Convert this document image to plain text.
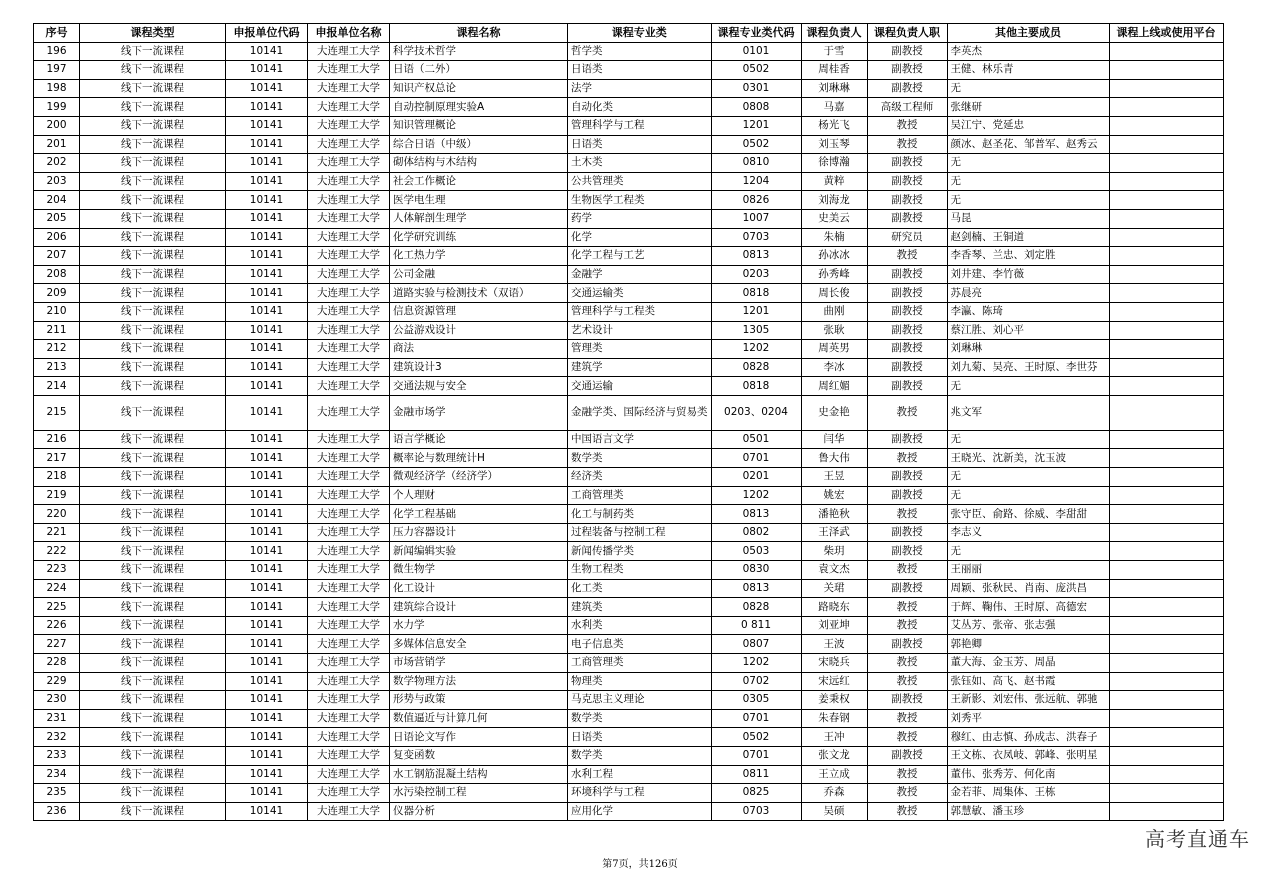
序号	课程类型	申报单位代码	申报单位名称	课程名称	课程专业类	课程专业类代码	课程负责人	课程负责人职	其他主要成员	课程上线或使用平台
196	线下一流课程	10141	大连理工大学	科学技术哲学	哲学类	0101	于雪	副教授	李英杰	
197	线下一流课程	10141	大连理工大学	日语（二外）	日语类	0502	周桂香	副教授	王健、林乐青	
198	线下一流课程	10141	大连理工大学	知识产权总论	法学	0301	刘琳琳	副教授	无	
199	线下一流课程	10141	大连理工大学	自动控制原理实验A	自动化类	0808	马嘉	高级工程师	张继研	
200	线下一流课程	10141	大连理工大学	知识管理概论	管理科学与工程	1201	杨光飞	教授	吴江宁、党延忠	
201	线下一流课程	10141	大连理工大学	综合日语（中级）	日语类	0502	刘玉琴	教授	颜冰、赵圣花、邹普军、赵秀云	
202	线下一流课程	10141	大连理工大学	砌体结构与木结构	土木类	0810	徐博瀚	副教授	无	
203	线下一流课程	10141	大连理工大学	社会工作概论	公共管理类	1204	黄粹	副教授	无	
204	线下一流课程	10141	大连理工大学	医学电生理	生物医学工程类	0826	刘海龙	副教授	无	
205	线下一流课程	10141	大连理工大学	人体解剖生理学	药学	1007	史美云	副教授	马昆	
206	线下一流课程	10141	大连理工大学	化学研究训练	化学	0703	朱楠	研究员	赵剑楠、王铜道	
207	线下一流课程	10141	大连理工大学	化工热力学	化学工程与工艺	0813	孙冰冰	教授	李香琴、兰忠、刘定胜	
208	线下一流课程	10141	大连理工大学	公司金融	金融学	0203	孙秀峰	副教授	刘井建、李竹薇	
209	线下一流课程	10141	大连理工大学	道路实验与检测技术（双语）	交通运输类	0818	周长俊	副教授	苏晨亮	
210	线下一流课程	10141	大连理工大学	信息资源管理	管理科学与工程类	1201	曲刚	副教授	李瀛、陈琦	
211	线下一流课程	10141	大连理工大学	公益游戏设计	艺术设计	1305	张耿	副教授	蔡江胜、刘心平	
212	线下一流课程	10141	大连理工大学	商法	管理类	1202	周英男	副教授	刘琳琳	
213	线下一流课程	10141	大连理工大学	建筑设计3	建筑学	0828	李冰	副教授	刘九菊、吴亮、王时原、李世芬	
214	线下一流课程	10141	大连理工大学	交通法规与安全	交通运输	0818	周红媚	副教授	无	
215	线下一流课程	10141	大连理工大学	金融市场学	金融学类、国际经济与贸易类	0203、0204	史金艳	教授	兆文军	
216	线下一流课程	10141	大连理工大学	语言学概论	中国语言文学	0501	闫华	副教授	无	
217	线下一流课程	10141	大连理工大学	概率论与数理统计H	数学类	0701	鲁大伟	教授	王晓光、沈新美，沈玉波	
218	线下一流课程	10141	大连理工大学	微观经济学（经济学）	经济类	0201	王昱	副教授	无	
219	线下一流课程	10141	大连理工大学	个人理财	工商管理类	1202	姚宏	副教授	无	
220	线下一流课程	10141	大连理工大学	化学工程基础	化工与制药类	0813	潘艳秋	教授	张守臣、俞路、徐威、李甜甜	
221	线下一流课程	10141	大连理工大学	压力容器设计	过程装备与控制工程	0802	王泽武	副教授	李志义	
222	线下一流课程	10141	大连理工大学	新闻编辑实验	新闻传播学类	0503	柴玥	副教授	无	
223	线下一流课程	10141	大连理工大学	微生物学	生物工程类	0830	袁文杰	教授	王丽丽	
224	线下一流课程	10141	大连理工大学	化工设计	化工类	0813	关珺	副教授	周颖、张秋民、肖南、庞洪昌	
225	线下一流课程	10141	大连理工大学	建筑综合设计	建筑类	0828	路晓东	教授	于辉、鞠伟、王时原、高德宏	
226	线下一流课程	10141	大连理工大学	水力学	水利类	0 811	刘亚坤	教授	艾丛芳、张帝、张志强	
227	线下一流课程	10141	大连理工大学	多媒体信息安全	电子信息类	0807	王波	副教授	郭艳卿	
228	线下一流课程	10141	大连理工大学	市场营销学	工商管理类	1202	宋晓兵	教授	董大海、金玉芳、周晶	
229	线下一流课程	10141	大连理工大学	数学物理方法	物理类	0702	宋远红	教授	张钰如、高飞、赵书霞	
230	线下一流课程	10141	大连理工大学	形势与政策	马克思主义理论	0305	姜秉权	副教授	王新影、刘宏伟、张远航、郭驰	
231	线下一流课程	10141	大连理工大学	数值逼近与计算几何	数学类	0701	朱春钢	教授	刘秀平	
232	线下一流课程	10141	大连理工大学	日语论文写作	日语类	0502	王冲	教授	穆红、由志慎、孙成志、洪春子	
233	线下一流课程	10141	大连理工大学	复变函数	数学类	0701	张文龙	副教授	王文栋、衣凤岐、郭峰、张明星	
234	线下一流课程	10141	大连理工大学	水工钢筋混凝土结构	水利工程	0811	王立成	教授	董伟、张秀芳、何化南	
235	线下一流课程	10141	大连理工大学	水污染控制工程	环境科学与工程	0825	乔森	教授	金若菲、周集体、王栋	
236	线下一流课程	10141	大连理工大学	仪器分析	应用化学	0703	吴硕	教授	郭慧敏、潘玉珍	
第7页，共126页
高考直通车
